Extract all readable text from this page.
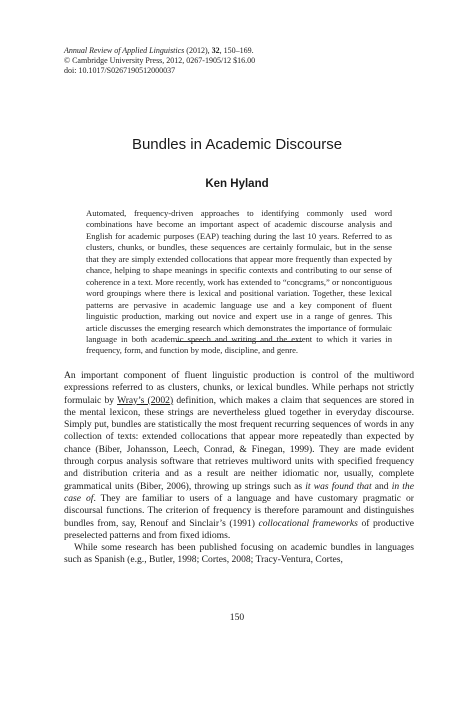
Annual Review of Applied Linguistics (2012), 32, 150–169.
© Cambridge University Press, 2012, 0267-1905/12 $16.00
doi: 10.1017/S0267190512000037
Bundles in Academic Discourse
Ken Hyland
Automated, frequency-driven approaches to identifying commonly used word combinations have become an important aspect of academic discourse analysis and English for academic purposes (EAP) teaching during the last 10 years. Referred to as clusters, chunks, or bundles, these sequences are certainly formulaic, but in the sense that they are simply extended collocations that appear more frequently than expected by chance, helping to shape meanings in specific contexts and contributing to our sense of coherence in a text. More recently, work has extended to “concgrams,” or noncontiguous word groupings where there is lexical and positional variation. Together, these lexical patterns are pervasive in academic language use and a key component of fluent linguistic production, marking out novice and expert use in a range of genres. This article discusses the emerging research which demonstrates the importance of formulaic language in both academic speech and writing and the extent to which it varies in frequency, form, and function by mode, discipline, and genre.

An important component of fluent linguistic production is control of the multiword expressions referred to as clusters, chunks, or lexical bundles. While perhaps not strictly formulaic by Wray’s (2002) definition, which makes a claim that sequences are stored in the mental lexicon, these strings are nevertheless glued together in everyday discourse. Simply put, bundles are statistically the most frequent recurring sequences of words in any collection of texts: extended collocations that appear more repeatedly than expected by chance (Biber, Johansson, Leech, Conrad, & Finegan, 1999). They are made evident through corpus analysis software that retrieves multiword units with specified frequency and distribution criteria and as a result are neither idiomatic nor, usually, complete grammatical units (Biber, 2006), throwing up strings such as it was found that and in the case of. They are familiar to users of a language and have customary pragmatic or discoursal functions. The criterion of frequency is therefore paramount and distinguishes bundles from, say, Renouf and Sinclair’s (1991) collocational frameworks of productive preselected patterns and from fixed idioms.

While some research has been published focusing on academic bundles in languages such as Spanish (e.g., Butler, 1998; Cortes, 2008; Tracy-Ventura, Cortes,

150
